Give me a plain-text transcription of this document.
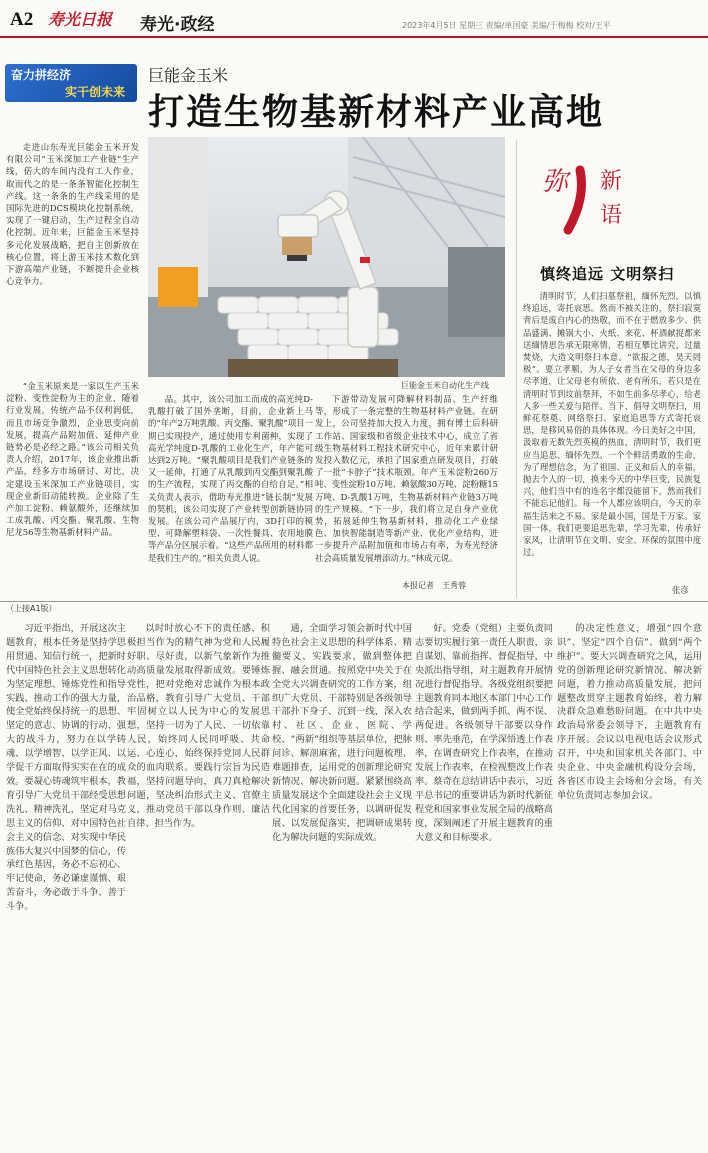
A2 寿光日报 寿光·政经	2023年4月5日 星期三 责编/单国豪 美编/于梅梅 校对/王平
奋力拼经济
实干创未来
巨能金玉米
打造生物基新材料产业高地
巨能金玉米自动化生产线

走进山东寿光巨能金玉米开发有限公司“玉米深加工产业链”生产线，偌大的车间内没有工人作业，取而代之的是一条条智能化控制生产线。这一条条的生产线采用的是国际先进的DCS模块化控制系统，实现了一键启动，生产过程全自动化控制。近年来，巨能金玉米坚持多元化发展战略，把自主创新放在核心位置，将上游玉米技术数化到下游高端产业链，不断提升企业核心竞争力。

“金玉米原来是一家以生产玉米淀粉、变性淀粉为主的企业，随着行业发展，传统产品不仅利润低，而且市场竞争激烈，企业思变向前发展，提高产品附加值、延伸产业链势必是必经之路。”该公司相关负责人介绍，2017年，该企业推出新产品，经多方市场研讨、对比，决定建设玉米深加工产业链项目，实现企业新旧动能转换。企业除了生产加工淀粉、赖氨酸外，还继续加工成乳酸、丙交酯、聚乳酸、生物尼龙56等生物基新材料产品。

品。其中，该公司加工而成的高光纯D-乳酸打破了国外垄断，目前，企业新上马的“年产2万吨乳酸、丙交酯、聚乳酸”项目一期已实现投产，通过使用专利菌种，实现了高光学纯度D-乳酸的工业化生产，年产能可达到2万吨。“聚乳酸项目是我们产业链条的又一延伸，打通了从乳酸到丙交酯到聚乳酸的生产流程，实现了丙交酯的自给自足。”相关负责人表示，借助寿光推进“链长制”发展的契机，该公司实现了产业转型创新链协同发展。在该公司产品展厅内，3D打印的模型、可降解塑料袋、一次性餐具、农用地膜等产品分区展示着。“这些产品所用的材料都是我们生产的。”相关负责人说。

下游带动发展可降解材料制品、生产纤维等，形成了一条完整的生物基材料产业链。在研发上，公司坚持加大投入力度，拥有博士后科研工作站、国家级和省级企业技术中心，成立了省级生物基材料工程技术研究中心，近年来累计研发投入数亿元，承担了国家重点研发项目，打破了一批“卡脖子”技术瓶颈。年产玉米淀粉260万吨、变性淀粉10万吨、赖氨酸30万吨、淀粉糖15万吨、D-乳酸1万吨，生物基新材料产业链3万吨的生产规模。“下一步，我们将立足自身产业优势，拓展延伸生物基新材料，推动化工产业绿色、加快智能制造等新产业、优化产业结构，进一步提升产品附加值和市场占有率，为寿光经济社会高质量发展增添动力。”林成元说。

本报记者　王秀蓉
弥 新
语
慎终追远 文明祭扫

清明时节，人们扫墓祭祖，缅怀先烈，以慎终追远，寄托哀思。然而不被关注的，祭扫寂寞背后是废自内心的热敬，而不在于燃放多少、供品盛满、摊锅大小、火纸、来花、杯酒献捉都来送缅情思告承无限寒情，若相互攀比讲究，过量焚烧，大造文明祭扫本意。“欲报之德，昊天罔极”。要立孝顺，为人子女者当在父母的身边多尽孝道，让父母老有所依、老有所乐，若只是在清明时节到坟前祭拜，不如生前多尽孝心，给老人多一些关爱与陪伴。当下，倡导文明祭扫，用鲜花祭奠、网络祭扫、家庭追思等方式寄托哀思，是移风易俗的具体体现。今日美好之中国，汲取着无数先烈英模的热血，清明时节，我们更应当追思、缅怀先烈。一个个鲜活勇敢的生命，为了理想信念，为了祖国、正义和后人的幸福，抛去个人的一切，换来今天的中华巨变，民族复兴，他们当中有的连名字都没能留下，然而我们不能忘记他们。每一个人都应该明白，今天的幸福生活来之不易。家是最小国，国是千万家。家国一体，我们更要追思先辈，学习先辈，传承好家风，让清明节在文明、安全、环保的氛围中度过。

张彦
（上接A1版）

习近平指出，开展这次主题教育，根本任务是坚持学思用贯通、知信行统一，把新时代中国特色社会主义思想转化为坚定理想、锤炼党性和指导实践、推动工作的强大力量，使全党始终保持统一的思想、坚定的意志、协调的行动、强大的战斗力，努力在以学铸魂、以学增智、以学正风、以学促干方面取得实实在在的成效。要凝心铸魂筑牢根本，教育引导广大党员干部经受思想洗礼、精神洗礼，坚定对马克思主义的信仰、对中国特色社会主义的信念、对实现中华民族伟大复兴中国梦的信心，传承红色基因，务必不忘初心、牢记使命，务必谦虚谨慎、艰苦奋斗，务必敢于斗争、善于斗争。

以时时放心不下的责任感、积极担当作为的精气神为党和人民履好职、尽好责，以新气象新作为推动高质量发展取得新成效。要锤炼党性，把对党绝对忠诚作为根本政治品格，教育引导广大党员、干部牢固树立以人民为中心的发展思想，坚持一切为了人民、一切依靠人民，始终同人民同呼吸、共命运、心连心，始终保持党同人民群众的血肉联系。要践行宗旨为民造福，坚持问题导向，真刀真枪解决问题，坚决纠治形式主义、官僚主义，推动党员干部以身作则、廉洁自律、担当作为。

通，全面学习领会新时代中国特色社会主义思想的科学体系、精髓要义、实践要求，做到整体把握、融会贯通。按照党中央关于在全党大兴调查研究的工作方案，组织广大党员、干部特别是各级领导干部扑下身子、沉到一线，深入农村、社区、企业、医院、学校、“两新”组织等基层单位，把脉问诊、解剖麻雀，进行问题梳理、难题排查，运用党的创新理论研究新情况、解决新问题。紧紧围绕高质量发展这个全面建设社会主义现代化国家的首要任务，以调研促发展、以发展促落实，把调研成果转化为解决问题的实际成效。

好。党委（党组）主要负责同志要切实履行第一责任人职责，亲自谋划、靠前指挥、督促指导，中央派出指导组，对主题教育开展情况进行督促指导。各级党组织要把主题教育同本地区本部门中心工作结合起来，做到两手抓、两不误、两促进。各级领导干部要以身作则、率先垂范，在学深悟透上作表率，在调查研究上作表率，在推动发展上作表率，在检视整改上作表率。蔡奇在总结讲话中表示，习近平总书记的重要讲话为新时代新征程党和国家事业发展全局的战略高度，深刻阐述了开展主题教育的重大意义和目标要求。

的决定性意义，增强“四个意识”、坚定“四个自信”、做到“两个维护”。要大兴调查研究之风，运用党的创新理论研究新情况、解决新问题，着力推动高质量发展，把问题整改贯穿主题教育始终，着力解决群众急难愁盼问题。在中共中央政治局常委会领导下，主题教育有序开展。会议以电视电话会议形式召开，中央和国家机关各部门、中央企业、中央金融机构设分会场，各省区市设主会场和分会场，有关单位负责同志参加会议。
